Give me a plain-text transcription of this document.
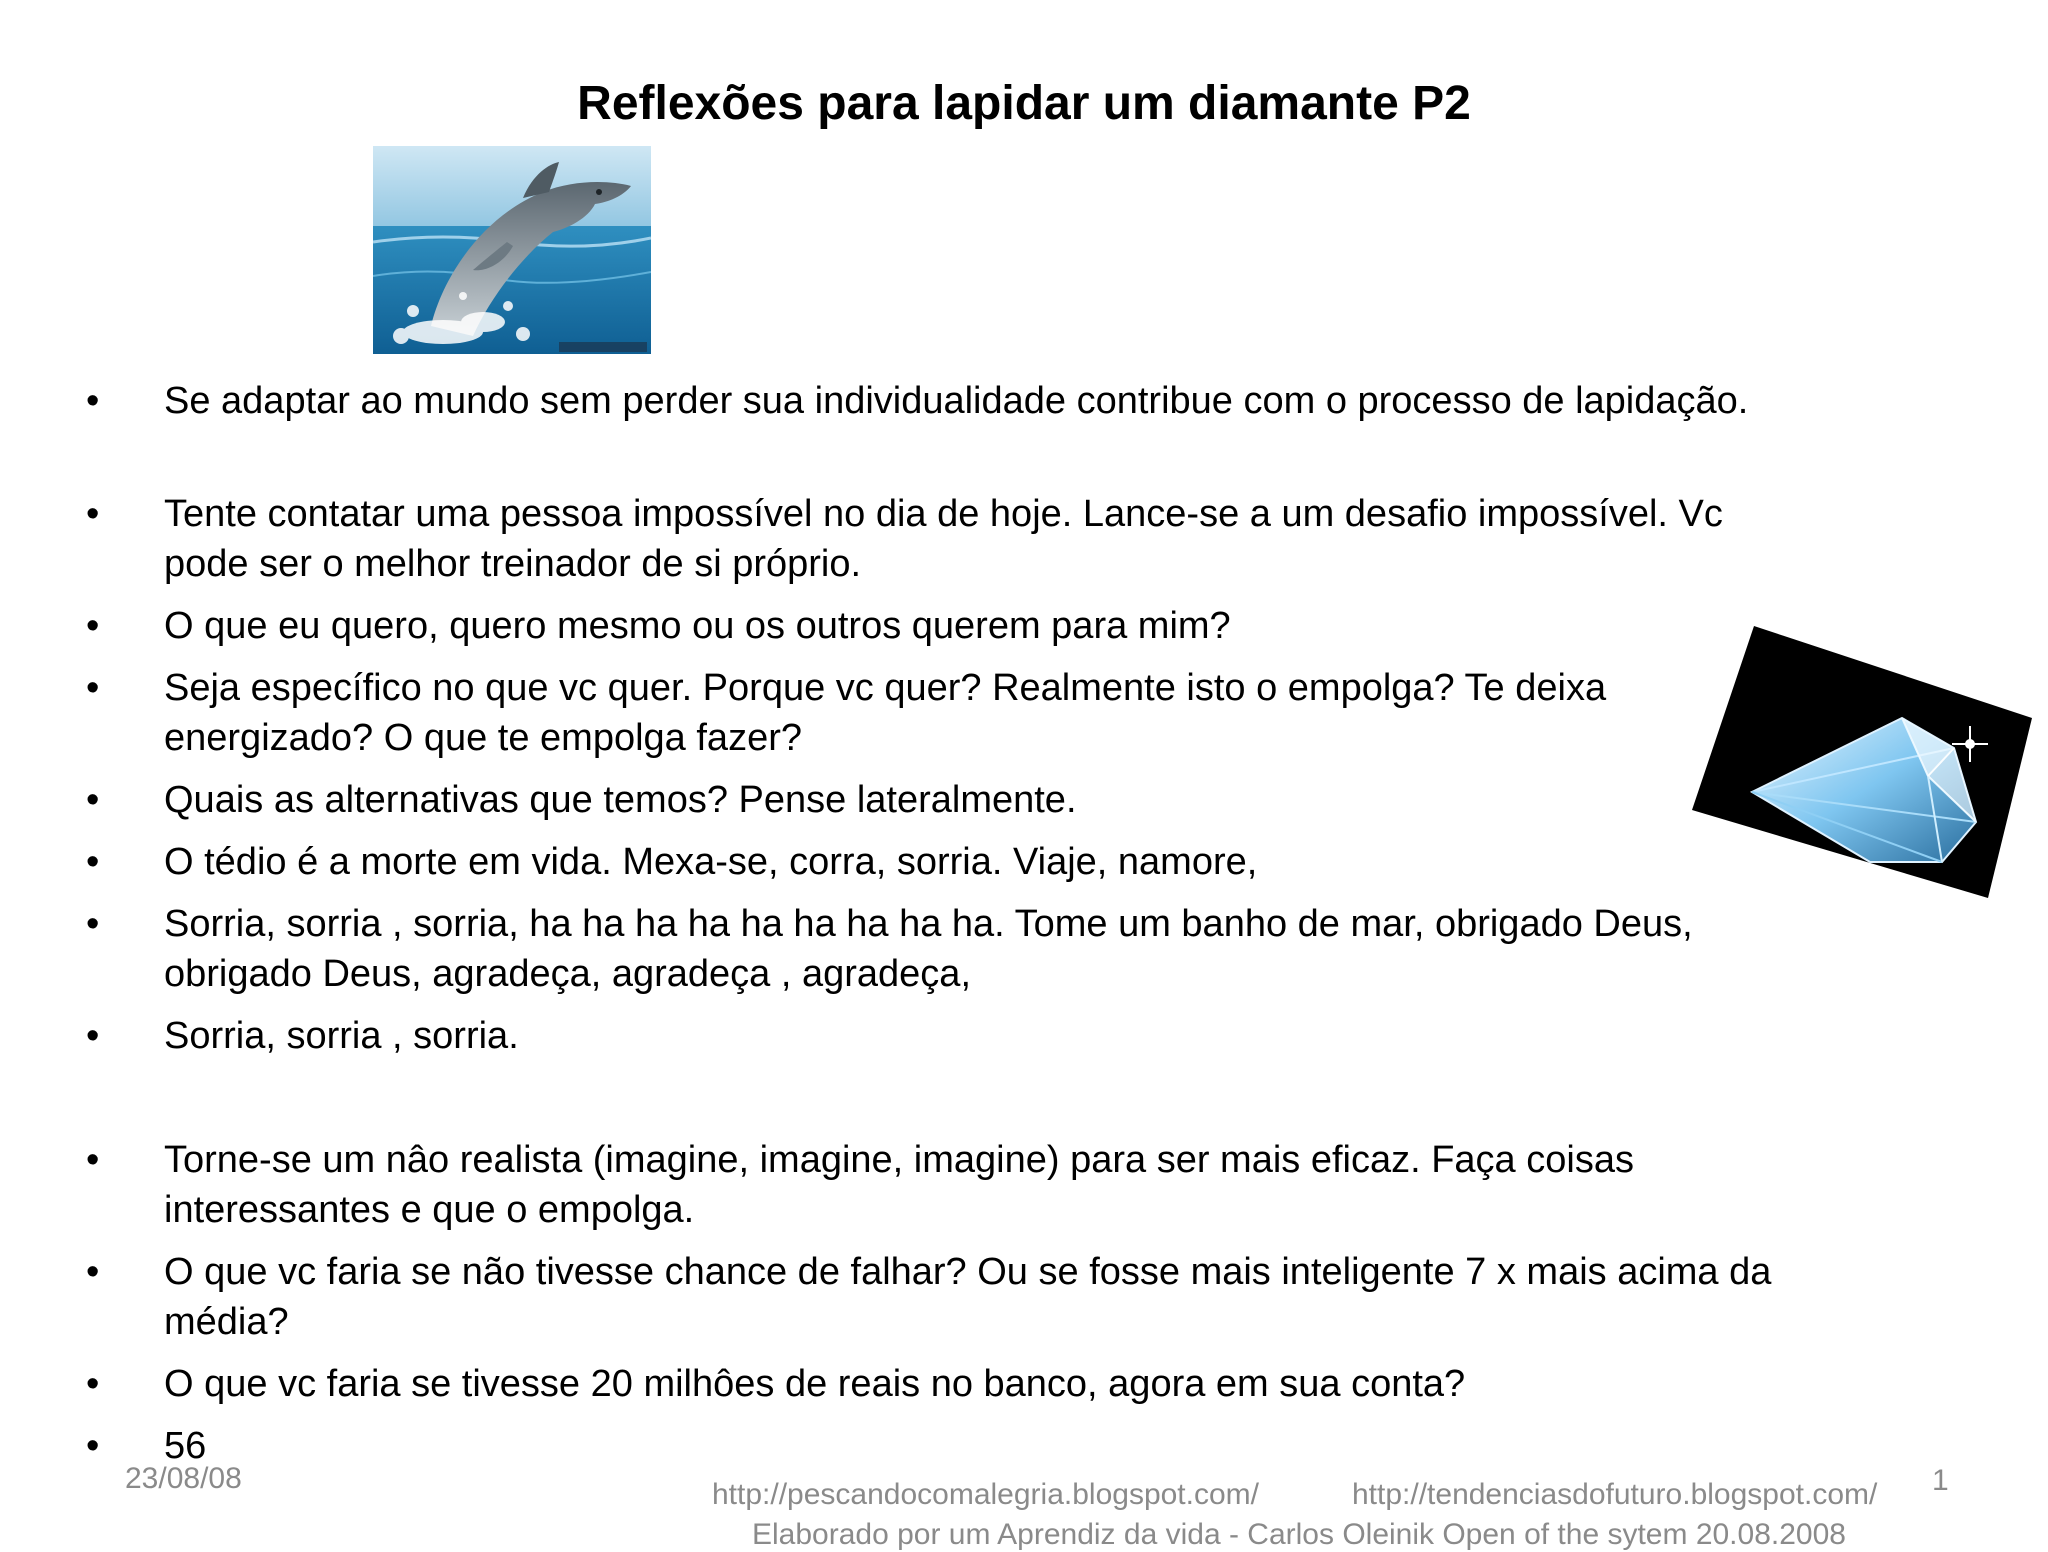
Reflexões para lapidar um diamante P2
• Se adaptar ao mundo sem perder sua individualidade contribue com o processo de lapidação.
• Tente contatar uma pessoa impossível no dia de hoje. Lance-se a um desafio impossível. Vc pode ser o melhor treinador de si próprio.
• O que eu quero, quero mesmo ou os outros querem para mim?
• Seja específico no que vc quer. Porque vc quer? Realmente isto o empolga? Te deixa energizado? O que te empolga fazer?
• Quais as alternativas que temos? Pense lateralmente.
• O tédio é a morte em vida. Mexa-se, corra, sorria. Viaje, namore,
• Sorria, sorria , sorria, ha ha ha ha ha ha ha ha ha. Tome um banho de mar, obrigado Deus, obrigado Deus, agradeça, agradeça , agradeça,
• Sorria, sorria , sorria.
• Torne-se um nâo realista (imagine, imagine, imagine) para ser mais eficaz. Faça coisas interessantes e que o empolga.
• O que vc faria se não tivesse chance de falhar? Ou se fosse mais inteligente 7 x mais acima da média?
• O que vc faria se tivesse 20 milhôes de reais no banco, agora em sua conta?
• 56
23/08/08	http://pescandocomalegria.blogspot.com/	http://tendenciasdofuturo.blogspot.com/ 1
Elaborado por um Aprendiz da vida - Carlos Oleinik Open of the sytem 20.08.2008
